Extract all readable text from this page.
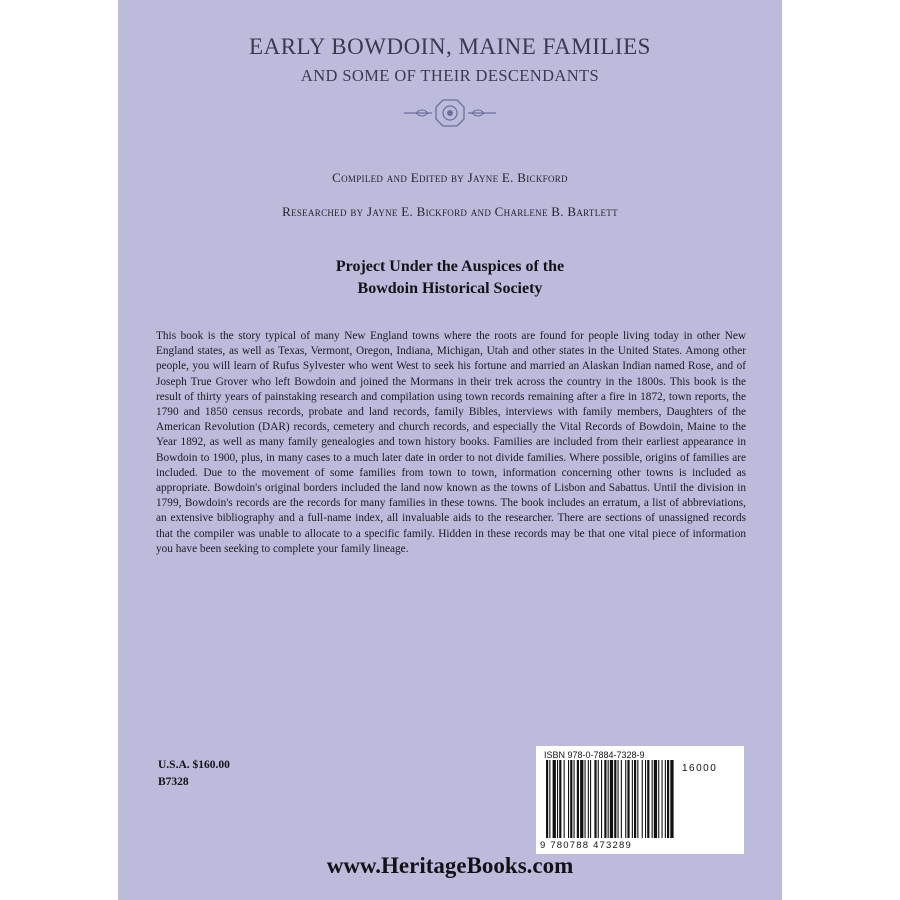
EARLY BOWDOIN, MAINE FAMILIES
AND SOME OF THEIR DESCENDANTS
Compiled and Edited by Jayne E. Bickford
Researched by Jayne E. Bickford and Charlene B. Bartlett
Project Under the Auspices of the
Bowdoin Historical Society
This book is the story typical of many New England towns where the roots are found for people living today in other New England states, as well as Texas, Vermont, Oregon, Indiana, Michigan, Utah and other states in the United States. Among other people, you will learn of Rufus Sylvester who went West to seek his fortune and married an Alaskan Indian named Rose, and of Joseph True Grover who left Bowdoin and joined the Mormans in their trek across the country in the 1800s. This book is the result of thirty years of painstaking research and compilation using town records remaining after a fire in 1872, town reports, the 1790 and 1850 census records, probate and land records, family Bibles, interviews with family members, Daughters of the American Revolution (DAR) records, cemetery and church records, and especially the Vital Records of Bowdoin, Maine to the Year 1892, as well as many family genealogies and town history books. Families are included from their earliest appearance in Bowdoin to 1900, plus, in many cases to a much later date in order to not divide families. Where possible, origins of families are included. Due to the movement of some families from town to town, information concerning other towns is included as appropriate. Bowdoin's original borders included the land now known as the towns of Lisbon and Sabattus. Until the division in 1799, Bowdoin's records are the records for many families in these towns. The book includes an erratum, a list of abbreviations, an extensive bibliography and a full-name index, all invaluable aids to the researcher. There are sections of unassigned records that the compiler was unable to allocate to a specific family. Hidden in these records may be that one vital piece of information you have been seeking to complete your family lineage.
U.S.A. $160.00
B7328
ISBN 978-0-7884-7328-9
16000
9 780788 473289
www.HeritageBooks.com
